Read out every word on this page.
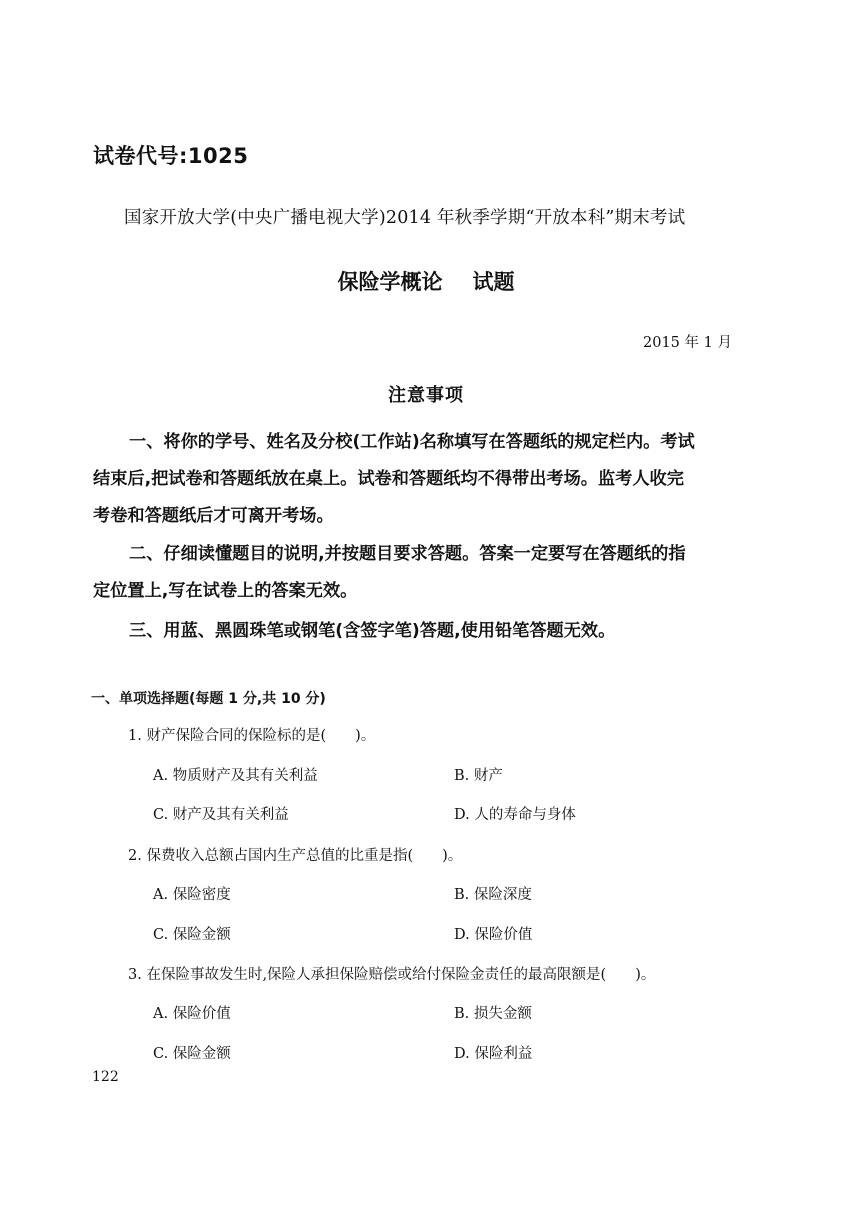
试卷代号:1025
国家开放大学(中央广播电视大学)2014 年秋季学期“开放本科”期末考试
保险学概论 试题
2015 年 1 月
注意事项
一、将你的学号、姓名及分校(工作站)名称填写在答题纸的规定栏内。考试
结束后,把试卷和答题纸放在桌上。试卷和答题纸均不得带出考场。监考人收完
考卷和答题纸后才可离开考场。
二、仔细读懂题目的说明,并按题目要求答题。答案一定要写在答题纸的指
定位置上,写在试卷上的答案无效。
三、用蓝、黑圆珠笔或钢笔(含签字笔)答题,使用铅笔答题无效。
一、单项选择题(每题 1 分,共 10 分)
1. 财产保险合同的保险标的是(　　)。
A. 物质财产及其有关利益	B. 财产
C. 财产及其有关利益	D. 人的寿命与身体
2. 保费收入总额占国内生产总值的比重是指(　　)。
A. 保险密度	B. 保险深度
C. 保险金额	D. 保险价值
3. 在保险事故发生时,保险人承担保险赔偿或给付保险金责任的最高限额是(　　)。
A. 保险价值	B. 损失金额
C. 保险金额	D. 保险利益
122
